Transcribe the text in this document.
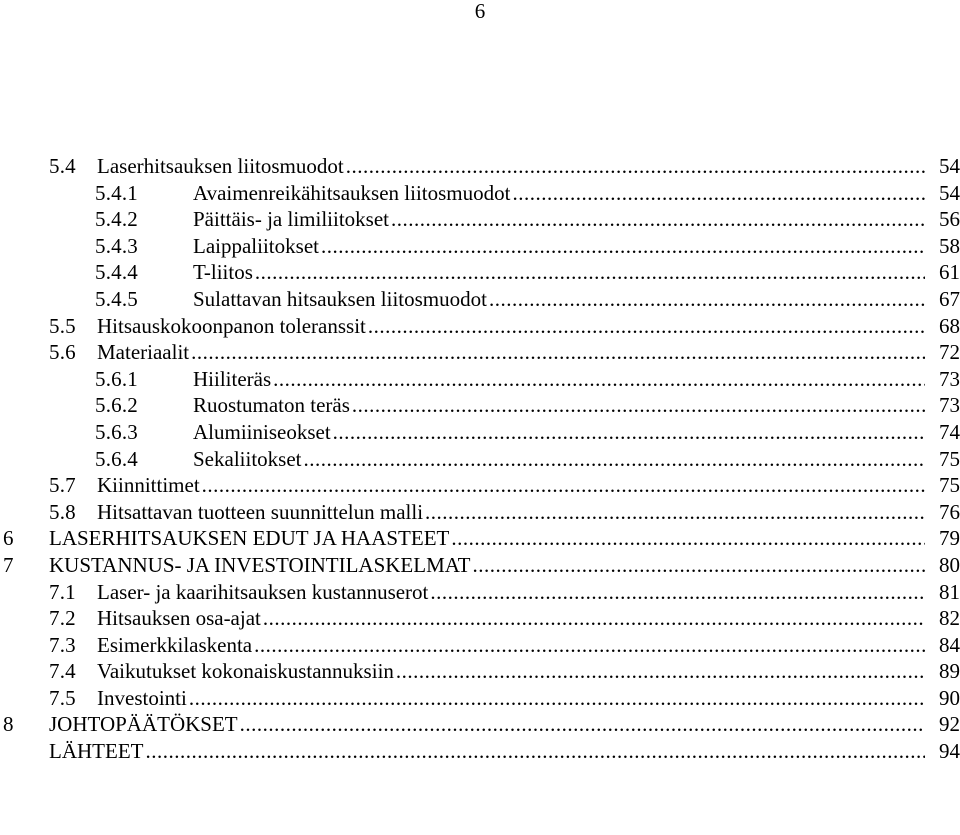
6
5.4 Laserhitsauksen liitosmuodot .....	54
5.4.1	Avaimenreikähitsauksen liitosmuodot .....	54
5.4.2	Päittäis- ja limiliitokset .....	56
5.4.3	Laippaliitokset .....	58
5.4.4	T-liitos .....	61
5.4.5	Sulattavan hitsauksen liitosmuodot .....	67
5.5 Hitsauskokoonpanon toleranssit .....	68
5.6 Materiaalit .....	72
5.6.1	Hiiliteräs .....	73
5.6.2	Ruostumaton teräs .....	73
5.6.3	Alumiiniseokset .....	74
5.6.4	Sekaliitokset .....	75
5.7 Kiinnittimet .....	75
5.8 Hitsattavan tuotteen suunnittelun malli .....	76
6 LASERHITSAUKSEN EDUT JA HAASTEET .....	79
7 KUSTANNUS- JA INVESTOINTILASKELMAT .....	80
7.1 Laser- ja kaarihitsauksen kustannuserot .....	81
7.2 Hitsauksen osa-ajat .....	82
7.3 Esimerkkilaskenta .....	84
7.4 Vaikutukset kokonaiskustannuksiin .....	89
7.5 Investointi .....	90
8 JOHTOPÄÄTÖKSET .....	92
LÄHTEET .....	94
